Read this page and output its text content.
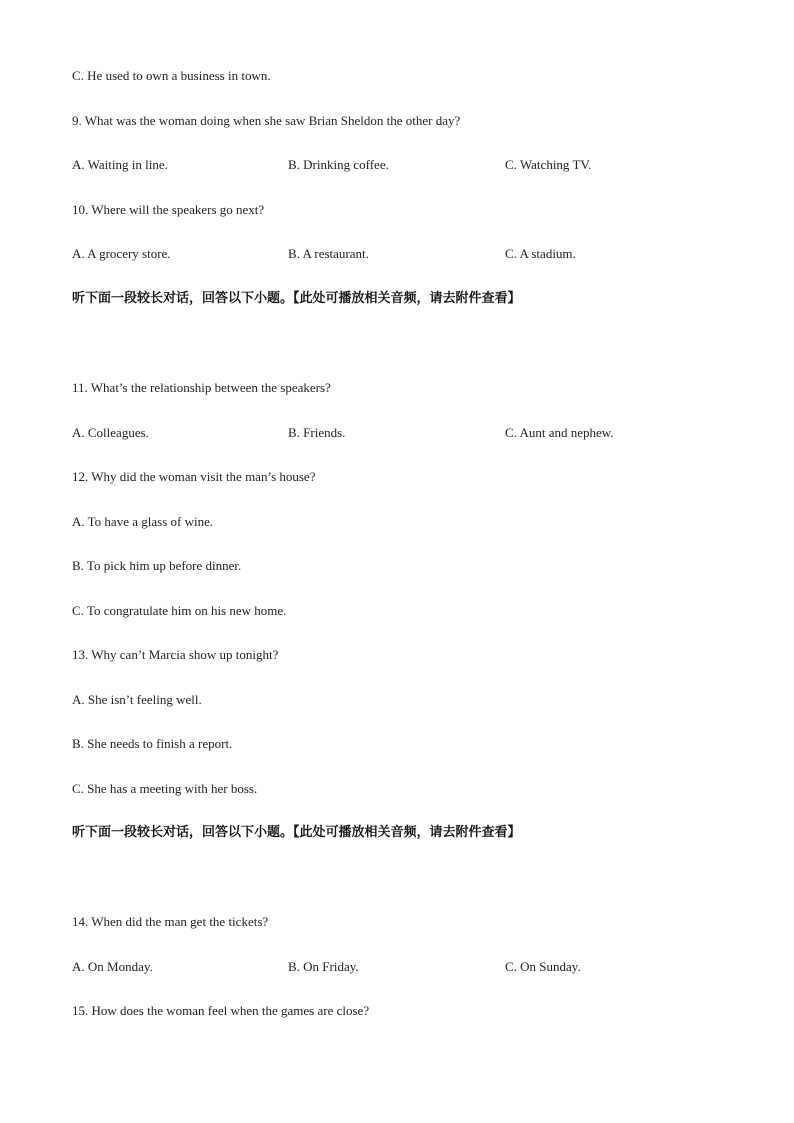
C. He used to own a business in town.
9. What was the woman doing when she saw Brian Sheldon the other day?
A. Waiting in line.	B. Drinking coffee.	C. Watching TV.
10. Where will the speakers go next?
A. A grocery store.	B. A restaurant.	C. A stadium.
听下面一段较长对话，回答以下小题。【此处可播放相关音频，请去附件查看】
11. What’s the relationship between the speakers?
A. Colleagues.	B. Friends.	C. Aunt and nephew.
12. Why did the woman visit the man’s house?
A. To have a glass of wine.
B. To pick him up before dinner.
C. To congratulate him on his new home.
13. Why can’t Marcia show up tonight?
A. She isn’t feeling well.
B. She needs to finish a report.
C. She has a meeting with her boss.
听下面一段较长对话，回答以下小题。【此处可播放相关音频，请去附件查看】
14. When did the man get the tickets?
A. On Monday.	B. On Friday.	C. On Sunday.
15. How does the woman feel when the games are close?
